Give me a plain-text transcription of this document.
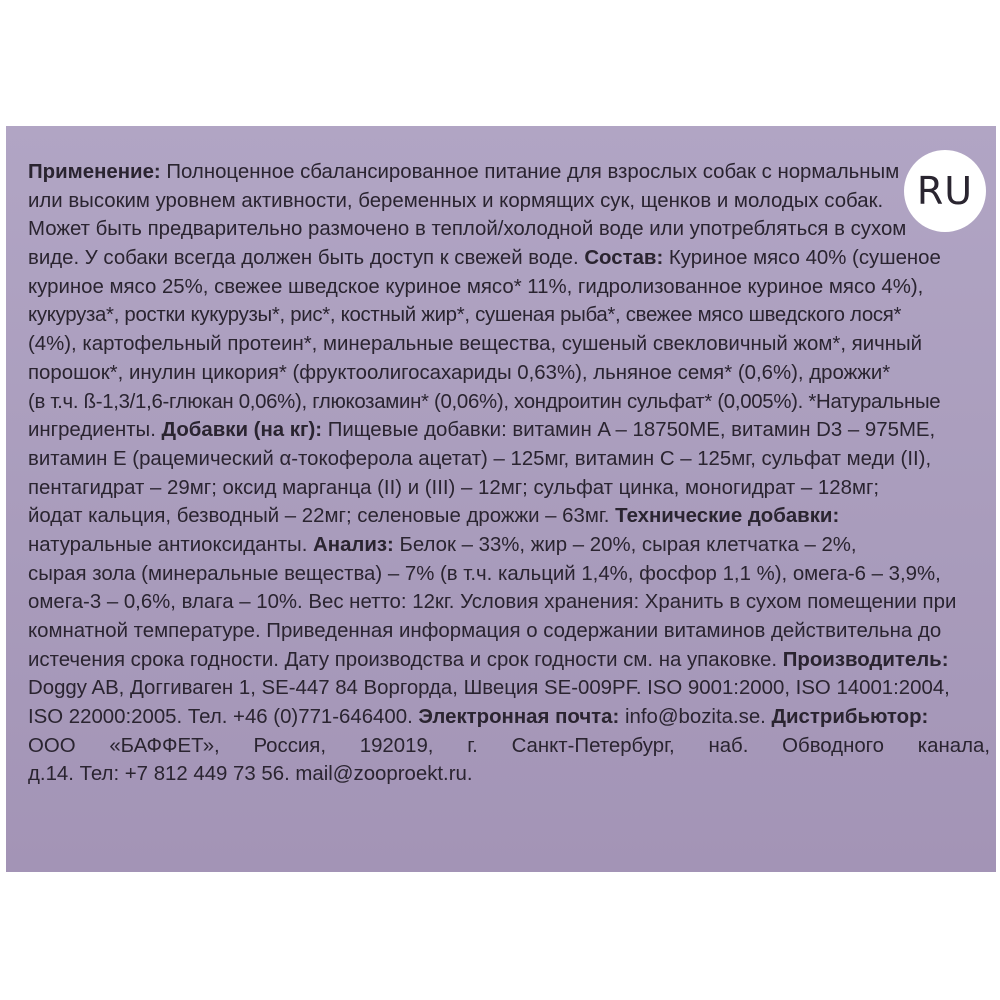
RU
Применение: Полноценное сбалансированное питание для взрослых собак с нормальным
или высоким уровнем активности, беременных и кормящих сук, щенков и молодых собак.
Может быть предварительно размочено в теплой/холодной воде или употребляться в сухом
виде. У собаки всегда должен быть доступ к свежей воде. Состав: Куриное мясо 40% (сушеное
куриное мясо 25%, свежее шведское куриное мясо* 11%, гидролизованное куриное мясо 4%),
кукуруза*, ростки кукурузы*, рис*, костный жир*, сушеная рыба*, свежее мясо шведского лося*
(4%), картофельный протеин*, минеральные вещества, сушеный свекловичный жом*, яичный
порошок*, инулин цикория* (фруктоолигосахариды 0,63%), льняное семя* (0,6%), дрожжи*
(в т.ч. ß-1,3/1,6-глюкан 0,06%), глюкозамин* (0,06%), хондроитин сульфат* (0,005%). *Натуральные
ингредиенты. Добавки (на кг): Пищевые добавки: витамин A – 18750МЕ, витамин D3 – 975МЕ,
витамин E (рацемический α-токоферола ацетат) – 125мг, витамин C – 125мг, сульфат меди (II),
пентагидрат – 29мг; оксид марганца (II) и (III) – 12мг; сульфат цинка, моногидрат – 128мг;
йодат кальция, безводный – 22мг; селеновые дрожжи – 63мг. Технические добавки:
натуральные антиоксиданты. Анализ: Белок – 33%, жир – 20%, сырая клетчатка – 2%,
сырая зола (минеральные вещества) – 7% (в т.ч. кальций 1,4%, фосфор 1,1 %), омега-6 – 3,9%,
омега-3 – 0,6%, влага – 10%. Вес нетто: 12кг. Условия хранения: Хранить в сухом помещении при
комнатной температуре. Приведенная информация о содержании витаминов действительна до
истечения срока годности. Дату производства и срок годности см. на упаковке. Производитель:
Doggy AB, Доггиваген 1, SE-447 84 Воргорда, Швеция SE-009PF. ISO 9001:2000, ISO 14001:2004,
ISO 22000:2005. Тел. +46 (0)771-646400. Электронная почта: info@bozita.se. Дистрибьютор:
ООО «БАФФЕТ», Россия, 192019, г. Санкт-Петербург, наб. Обводного канала,
д.14. Тел: +7 812 449 73 56. mail@zooproekt.ru.
